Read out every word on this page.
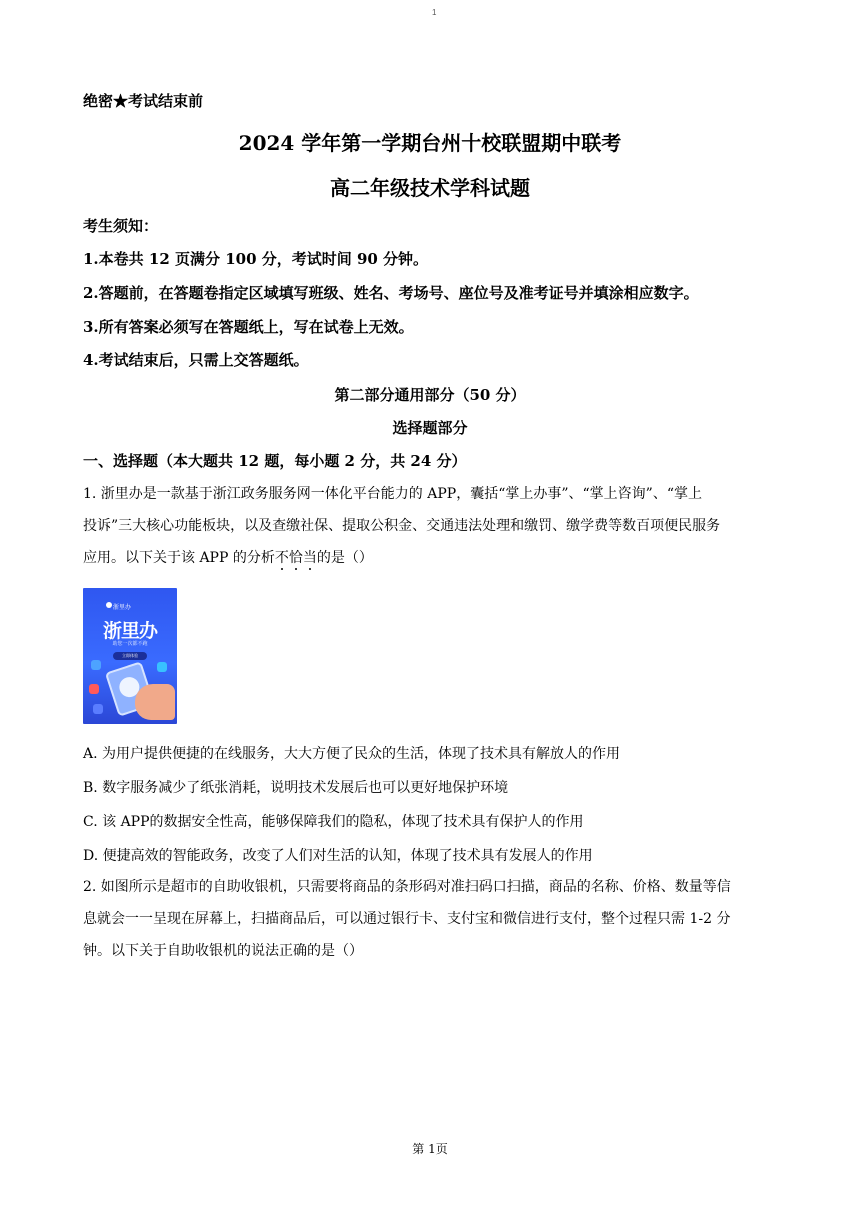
1
绝密★考试结束前
2024 学年第一学期台州十校联盟期中联考
高二年级技术学科试题
考生须知：
1.本卷共 12 页满分 100 分，考试时间 90 分钟。
2.答题前，在答题卷指定区域填写班级、姓名、考场号、座位号及准考证号并填涂相应数字。
3.所有答案必须写在答题纸上，写在试卷上无效。
4.考试结束后，只需上交答题纸。
第二部分通用部分（50 分）
选择题部分
一、选择题（本大题共 12 题，每小题 2 分，共 24 分）
1. 浙里办是一款基于浙江政务服务网一体化平台能力的 APP，囊括“掌上办事”、“掌上咨询”、“掌上
投诉”三大核心功能板块，以及查缴社保、提取公积金、交通违法处理和缴罚、缴学费等数百项便民服务
应用。以下关于该 APP 的分析不恰当的是（）
浙里办
浙里办
助您一次都不跑
立即体验
A. 为用户提供便捷的在线服务，大大方便了民众的生活，体现了技术具有解放人的作用
B. 数字服务减少了纸张消耗，说明技术发展后也可以更好地保护环境
C. 该 APP的数据安全性高，能够保障我们的隐私，体现了技术具有保护人的作用
D. 便捷高效的智能政务，改变了人们对生活的认知，体现了技术具有发展人的作用
2. 如图所示是超市的自助收银机，只需要将商品的条形码对准扫码口扫描，商品的名称、价格、数量等信
息就会一一呈现在屏幕上，扫描商品后，可以通过银行卡、支付宝和微信进行支付，整个过程只需 1-2 分
钟。以下关于自助收银机的说法正确的是（）
第 1页
